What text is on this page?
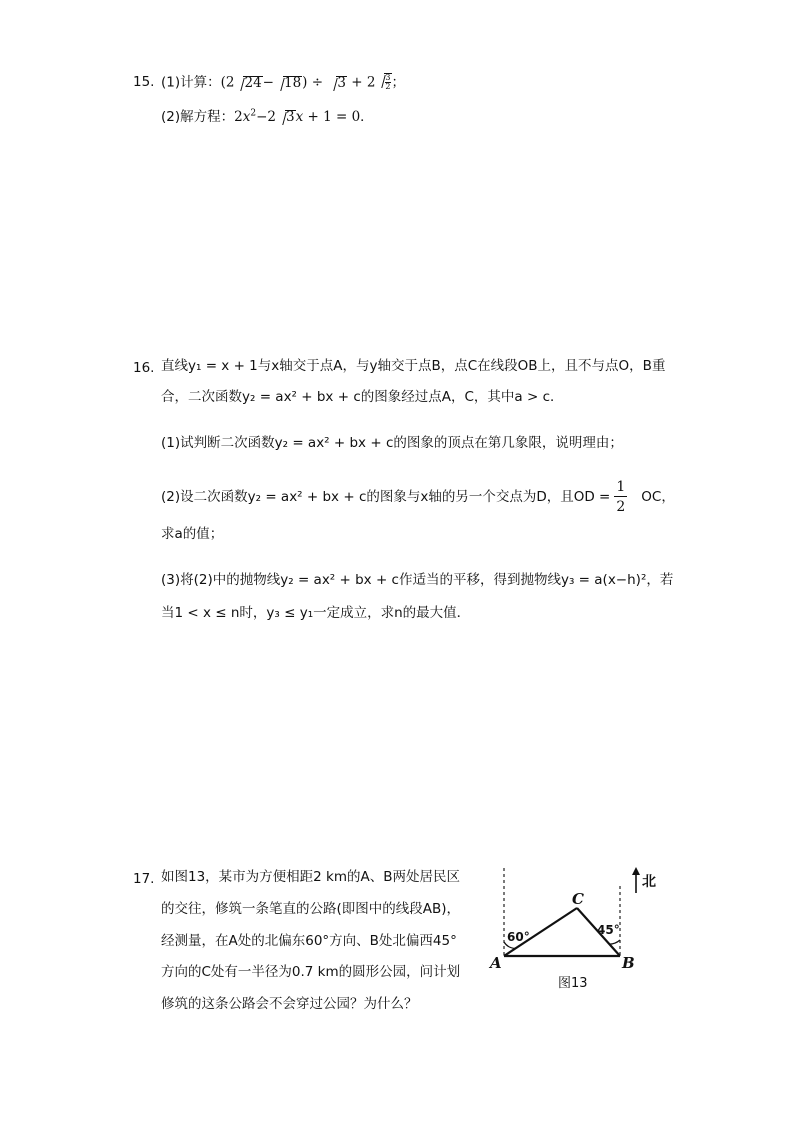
15. (1)计算：(2 $24- 18) \div 3 + 2 \frac{3}{2}$ ；
(2)解方程：$2x^2-2$ 3x + 1 = 0．
16. 直线y₁ = x + 1与x轴交于点A，与y轴交于点B，点C在线段OB上，且不与点O，B重
合，二次函数y₂ = ax² + bx + c的图象经过点A，C，其中a > c．
(1)试判断二次函数y₂ = ax² + bx + c的图象的顶点在第几象限，说明理由；
(2)设二次函数y₂ = ax² + bx + c的图象与x轴的另一个交点为D，且OD = $\frac{1}{2}$ OC，
求a的值；
(3)将(2)中的抛物线y₂ = ax² + bx + c作适当的平移，得到抛物线y₃ = a(x−h)²，若
当1 < x ≤ n时，y₃ ≤ y₁一定成立，求n的最大值．
17. 如图13，某市为方便相距2 km的A、B两处居民区
的交往，修筑一条笔直的公路(即图中的线段AB)，
经测量，在A处的北偏东60°方向、B处北偏西45°
方向的C处有一半径为0.7 km的圆形公园，问计划
修筑的这条公路会不会穿过公园？为什么？
A	B
C
60°	45°
北
图13
